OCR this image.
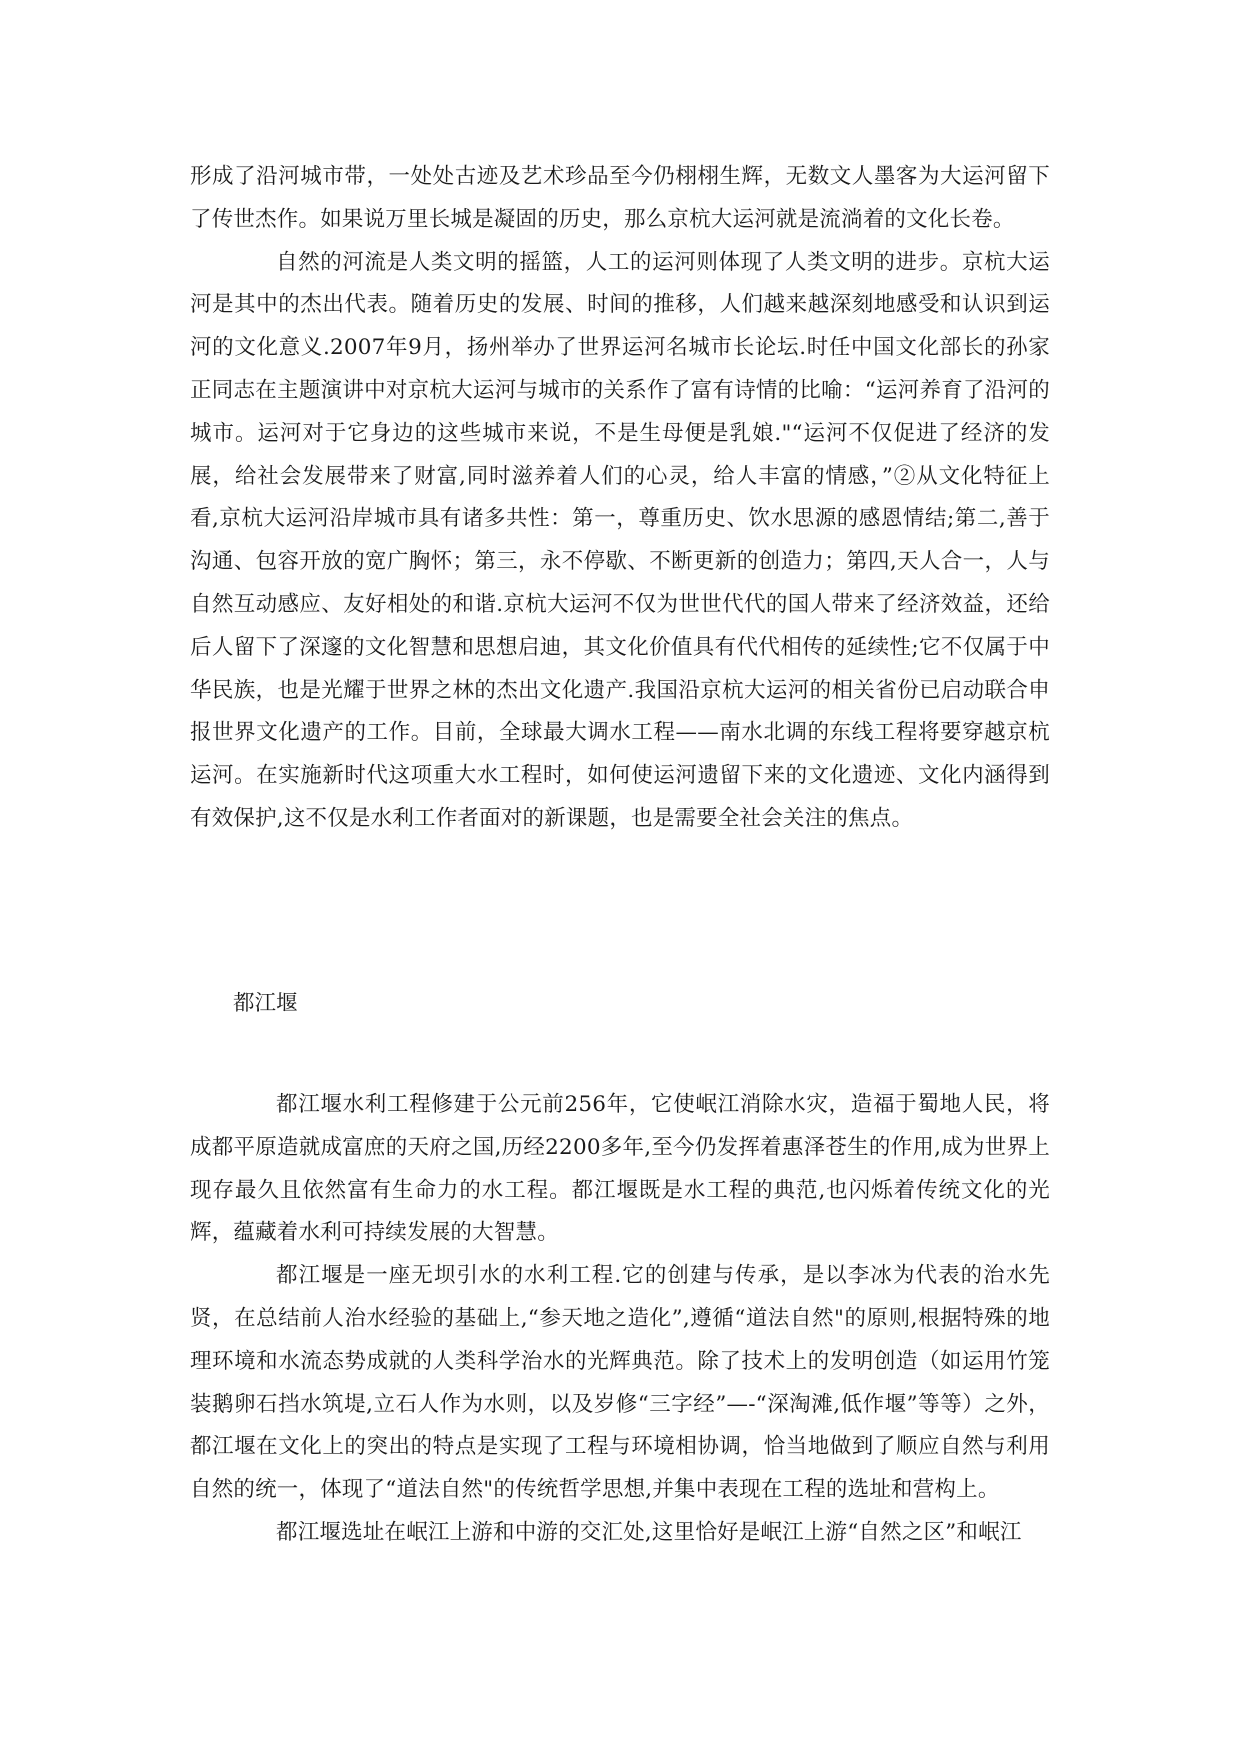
形成了沿河城市带，一处处古迹及艺术珍品至今仍栩栩生辉，无数文人墨客为大运河留下了传世杰作。如果说万里长城是凝固的历史，那么京杭大运河就是流淌着的文化长卷。

自然的河流是人类文明的摇篮，人工的运河则体现了人类文明的进步。京杭大运河是其中的杰出代表。随着历史的发展、时间的推移，人们越来越深刻地感受和认识到运河的文化意义.2007年9月，扬州举办了世界运河名城市长论坛.时任中国文化部长的孙家正同志在主题演讲中对京杭大运河与城市的关系作了富有诗情的比喻：“运河养育了沿河的城市。运河对于它身边的这些城市来说，不是生母便是乳娘."“运河不仅促进了经济的发展，给社会发展带来了财富,同时滋养着人们的心灵，给人丰富的情感，”②从文化特征上看,京杭大运河沿岸城市具有诸多共性：第一，尊重历史、饮水思源的感恩情结;第二,善于沟通、包容开放的宽广胸怀；第三，永不停歇、不断更新的创造力；第四,天人合一，人与自然互动感应、友好相处的和谐.京杭大运河不仅为世世代代的国人带来了经济效益，还给后人留下了深邃的文化智慧和思想启迪，其文化价值具有代代相传的延续性;它不仅属于中华民族，也是光耀于世界之林的杰出文化遗产.我国沿京杭大运河的相关省份已启动联合申报世界文化遗产的工作。目前，全球最大调水工程——南水北调的东线工程将要穿越京杭运河。在实施新时代这项重大水工程时，如何使运河遗留下来的文化遗迹、文化内涵得到有效保护,这不仅是水利工作者面对的新课题，也是需要全社会关注的焦点。

都江堰

都江堰水利工程修建于公元前256年，它使岷江消除水灾，造福于蜀地人民，将成都平原造就成富庶的天府之国,历经2200多年,至今仍发挥着惠泽苍生的作用,成为世界上现存最久且依然富有生命力的水工程。都江堰既是水工程的典范,也闪烁着传统文化的光辉，蕴藏着水利可持续发展的大智慧。

都江堰是一座无坝引水的水利工程.它的创建与传承，是以李冰为代表的治水先贤，在总结前人治水经验的基础上,“参天地之造化”,遵循“道法自然"的原则,根据特殊的地理环境和水流态势成就的人类科学治水的光辉典范。除了技术上的发明创造（如运用竹笼装鹅卵石挡水筑堤,立石人作为水则，以及岁修“三字经”—-“深淘滩,低作堰”等等）之外，都江堰在文化上的突出的特点是实现了工程与环境相协调，恰当地做到了顺应自然与利用自然的统一，体现了“道法自然"的传统哲学思想,并集中表现在工程的选址和营构上。

都江堰选址在岷江上游和中游的交汇处,这里恰好是岷江上游“自然之区”和岷江
